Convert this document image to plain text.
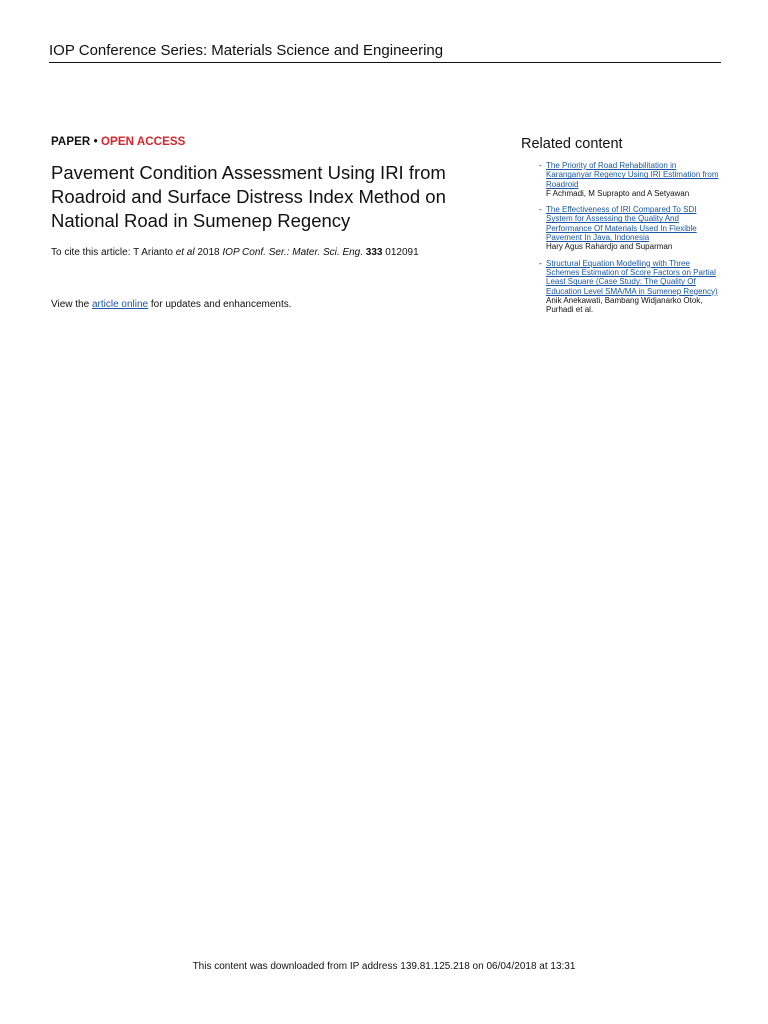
IOP Conference Series: Materials Science and Engineering
PAPER • OPEN ACCESS
Pavement Condition Assessment Using IRI from Roadroid and Surface Distress Index Method on National Road in Sumenep Regency
To cite this article: T Arianto et al 2018 IOP Conf. Ser.: Mater. Sci. Eng. 333 012091
View the article online for updates and enhancements.
Related content
- The Priority of Road Rehabilitation in Karanganyar Regency Using IRI Estimation from Roadroid
F Achmadi, M Suprapto and A Setyawan
- The Effectiveness of IRI Compared To SDI System for Assessing the Quality And Performance Of Materials Used In Flexible Pavement In Java, Indonesia
Hary Agus Rahardjo and Suparman
- Structural Equation Modelling with Three Schemes Estimation of Score Factors on Partial Least Square (Case Study: The Quality Of Education Level SMA/MA in Sumenep Regency)
Anik Anekawati, Bambang Widjanarko Otok, Purhadi et al.
This content was downloaded from IP address 139.81.125.218 on 06/04/2018 at 13:31
